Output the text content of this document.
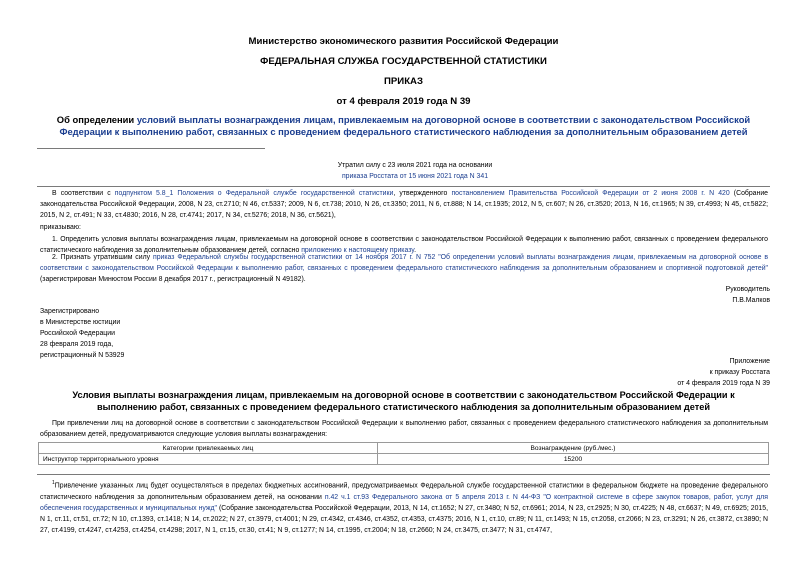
Министерство экономического развития Российской Федерации
ФЕДЕРАЛЬНАЯ СЛУЖБА ГОСУДАРСТВЕННОЙ СТАТИСТИКИ
ПРИКАЗ
от 4 февраля 2019 года N 39
Об определении условий выплаты вознаграждения лицам, привлекаемым на договорной основе в соответствии с законодательством Российской Федерации к выполнению работ, связанных с проведением федерального статистического наблюдения за дополнительным образованием детей
Утратил силу с 23 июля 2021 года на основании
приказа Росстата от 15 июня 2021 года N 341
В соответствии с подпунктом 5.8_1 Положения о Федеральной службе государственной статистики, утвержденного постановлением Правительства Российской Федерации от 2 июня 2008 г. N 420 (Собрание законодательства Российской Федерации, 2008, N 23, ст.2710; N 46, ст.5337; 2009, N 6, ст.738; 2010, N 26, ст.3350; 2011, N 6, ст.888; N 14, ст.1935; 2012, N 5, ст.607; N 26, ст.3520; 2013, N 16, ст.1965; N 39, ст.4993; N 45, ст.5822; 2015, N 2, ст.491; N 33, ст.4830; 2016, N 28, ст.4741; 2017, N 34, ст.5276; 2018, N 36, ст.5621),
приказываю:
1. Определить условия выплаты вознаграждения лицам, привлекаемым на договорной основе в соответствии с законодательством Российской Федерации к выполнению работ, связанных с проведением федерального статистического наблюдения за дополнительным образованием детей, согласно приложению к настоящему приказу.
2. Признать утратившим силу приказ Федеральной службы государственной статистики от 14 ноября 2017 г. N 752 "Об определении условий выплаты вознаграждения лицам, привлекаемым на договорной основе в соответствии с законодательством Российской Федерации к выполнению работ, связанных с проведением федерального статистического наблюдения за дополнительным образованием и спортивной подготовкой детей" (зарегистрирован Минюстом России 8 декабря 2017 г., регистрационный N 49182).
Руководитель
П.В.Малков
Зарегистрировано
в Министерстве юстиции
Российской Федерации
28 февраля 2019 года,
регистрационный N 53929
Приложение
к приказу Росстата
от 4 февраля 2019 года N 39
Условия выплаты вознаграждения лицам, привлекаемым на договорной основе в соответствии с законодательством Российской Федерации к выполнению работ, связанных с проведением федерального статистического наблюдения за дополнительным образованием детей
При привлечении лиц на договорной основе в соответствии с законодательством Российской Федерации к выполнению работ, связанных с проведением федерального статистического наблюдения за дополнительным образованием детей, предусматриваются следующие условия выплаты вознаграждения:
Категории привлекаемых лиц	Вознаграждение (руб./мес.)
Инструктор территориального уровня	15200
$^1$Привлечение указанных лиц будет осуществляться в пределах бюджетных ассигнований, предусматриваемых Федеральной службе государственной статистики в федеральном бюджете на проведение федерального статистического наблюдения за дополнительным образованием детей, на основании п.42 ч.1 ст.93 Федерального закона от 5 апреля 2013 г. N 44-ФЗ "О контрактной системе в сфере закупок товаров, работ, услуг для обеспечения государственных и муниципальных нужд" (Собрание законодательства Российской Федерации, 2013, N 14, ст.1652; N 27, ст.3480; N 52, ст.6961; 2014, N 23, ст.2925; N 30, ст.4225; N 48, ст.6637; N 49, ст.6925; 2015, N 1, ст.11, ст.51, ст.72; N 10, ст.1393, ст.1418; N 14, ст.2022; N 27, ст.3979, ст.4001; N 29, ст.4342, ст.4346, ст.4352, ст.4353, ст.4375; 2016, N 1, ст.10, ст.89; N 11, ст.1493; N 15, ст.2058, ст.2066; N 23, ст.3291; N 26, ст.3872, ст.3890; N 27, ст.4199, ст.4247, ст.4253, ст.4254, ст.4298; 2017, N 1, ст.15, ст.30, ст.41; N 9, ст.1277; N 14, ст.1995, ст.2004; N 18, ст.2660; N 24, ст.3475, ст.3477; N 31, ст.4747,
